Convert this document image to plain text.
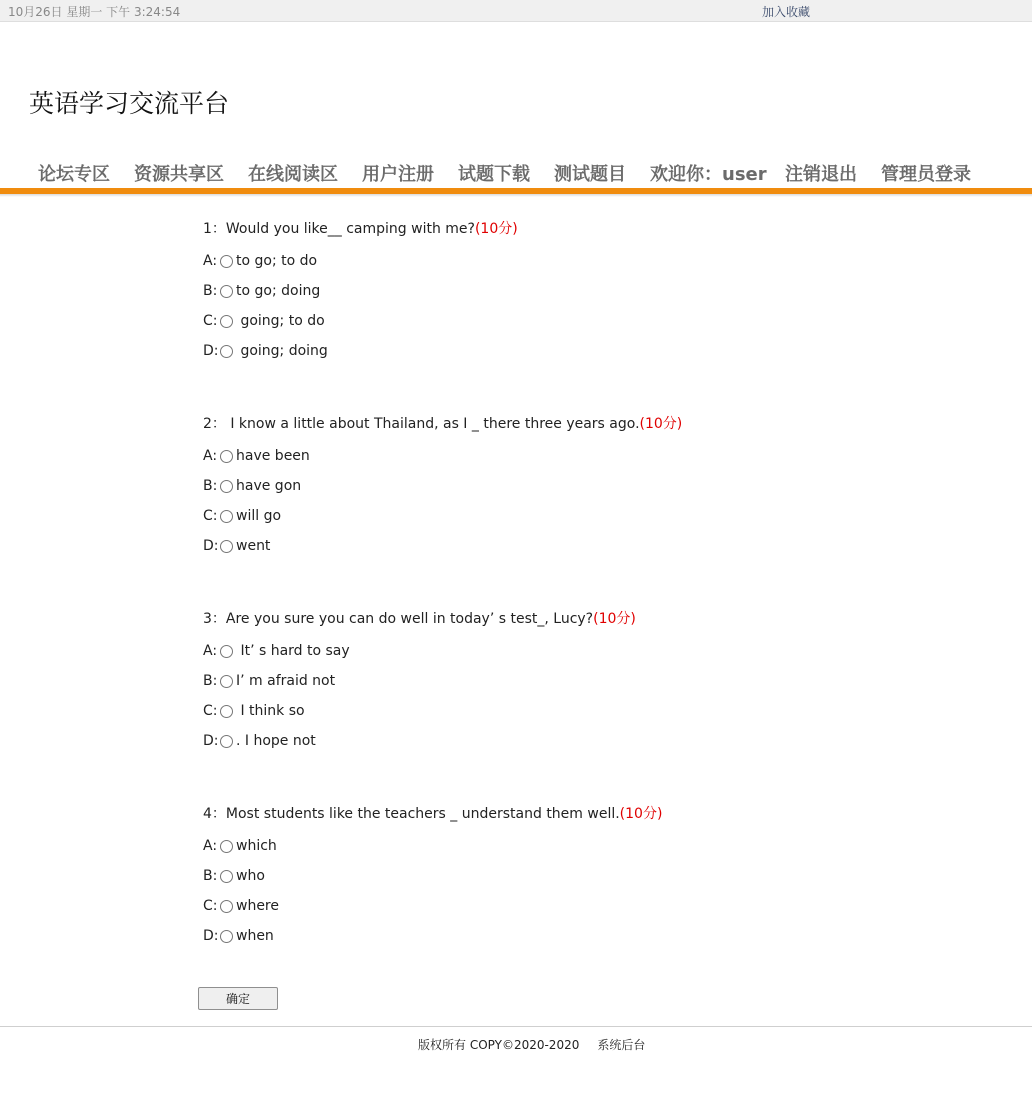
10月26日 星期一 下午 3:24:54	加入收藏
英语学习交流平台
论坛专区 资源共享区 在线阅读区 用户注册 试题下载 测试题目 欢迎你：user 注销退出 管理员登录
1：Would you like__ camping with me?(10分)
A: to go; to do
B: to go; doing
C: going; to do
D: going; doing
2： I know a little about Thailand, as I _ there three years ago.(10分)
A: have been
B: have gon
C: will go
D: went
3：Are you sure you can do well in today’ s test_, Lucy?(10分)
A: It’ s hard to say
B: I’ m afraid not
C: I think so
D: . I hope not
4：Most students like the teachers _ understand them well.(10分)
A: which
B: who
C: where
D: when
确定
版权所有 COPY©2020-2020 系统后台
